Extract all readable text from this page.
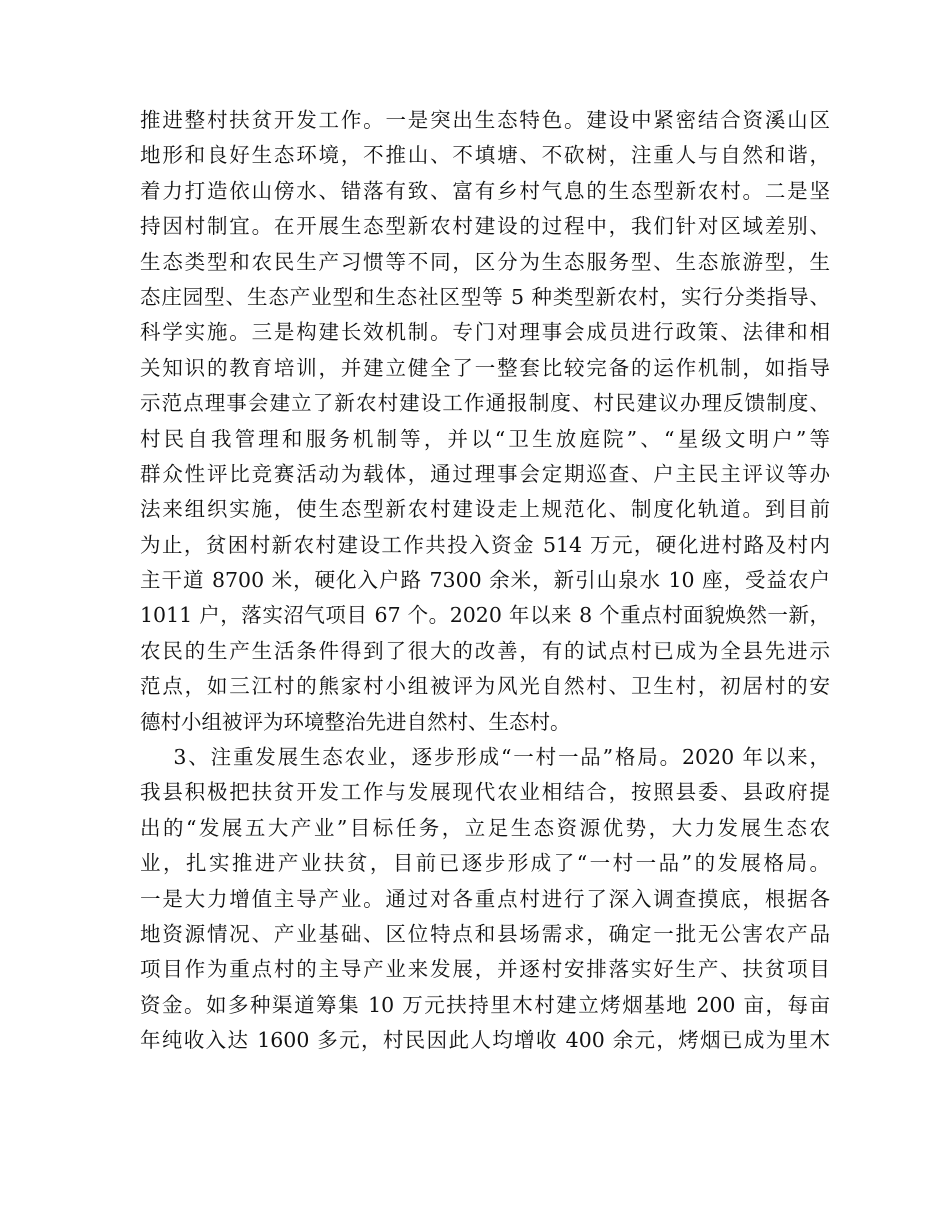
推进整村扶贫开发工作。一是突出生态特色。建设中紧密结合资溪山区
地形和良好生态环境，不推山、不填塘、不砍树，注重人与自然和谐，
着力打造依山傍水、错落有致、富有乡村气息的生态型新农村。二是坚
持因村制宜。在开展生态型新农村建设的过程中，我们针对区域差别、
生态类型和农民生产习惯等不同，区分为生态服务型、生态旅游型，生
态庄园型、生态产业型和生态社区型等 5 种类型新农村，实行分类指导、
科学实施。三是构建长效机制。专门对理事会成员进行政策、法律和相
关知识的教育培训，并建立健全了一整套比较完备的运作机制，如指导
示范点理事会建立了新农村建设工作通报制度、村民建议办理反馈制度、
村民自我管理和服务机制等，并以“卫生放庭院”、“星级文明户”等
群众性评比竞赛活动为载体，通过理事会定期巡查、户主民主评议等办
法来组织实施，使生态型新农村建设走上规范化、制度化轨道。到目前
为止，贫困村新农村建设工作共投入资金 514 万元，硬化进村路及村内
主干道 8700 米，硬化入户路 7300 余米，新引山泉水 10 座，受益农户
1011 户，落实沼气项目 67 个。2020 年以来 8 个重点村面貌焕然一新，
农民的生产生活条件得到了很大的改善，有的试点村已成为全县先进示
范点，如三江村的熊家村小组被评为风光自然村、卫生村，初居村的安
德村小组被评为环境整治先进自然村、生态村。
3、注重发展生态农业，逐步形成“一村一品”格局。2020 年以来，
我县积极把扶贫开发工作与发展现代农业相结合，按照县委、县政府提
出的“发展五大产业”目标任务，立足生态资源优势，大力发展生态农
业，扎实推进产业扶贫，目前已逐步形成了“一村一品”的发展格局。
一是大力增值主导产业。通过对各重点村进行了深入调查摸底，根据各
地资源情况、产业基础、区位特点和县场需求，确定一批无公害农产品
项目作为重点村的主导产业来发展，并逐村安排落实好生产、扶贫项目
资金。如多种渠道筹集 10 万元扶持里木村建立烤烟基地 200 亩，每亩
年纯收入达 1600 多元，村民因此人均增收 400 余元，烤烟已成为里木
